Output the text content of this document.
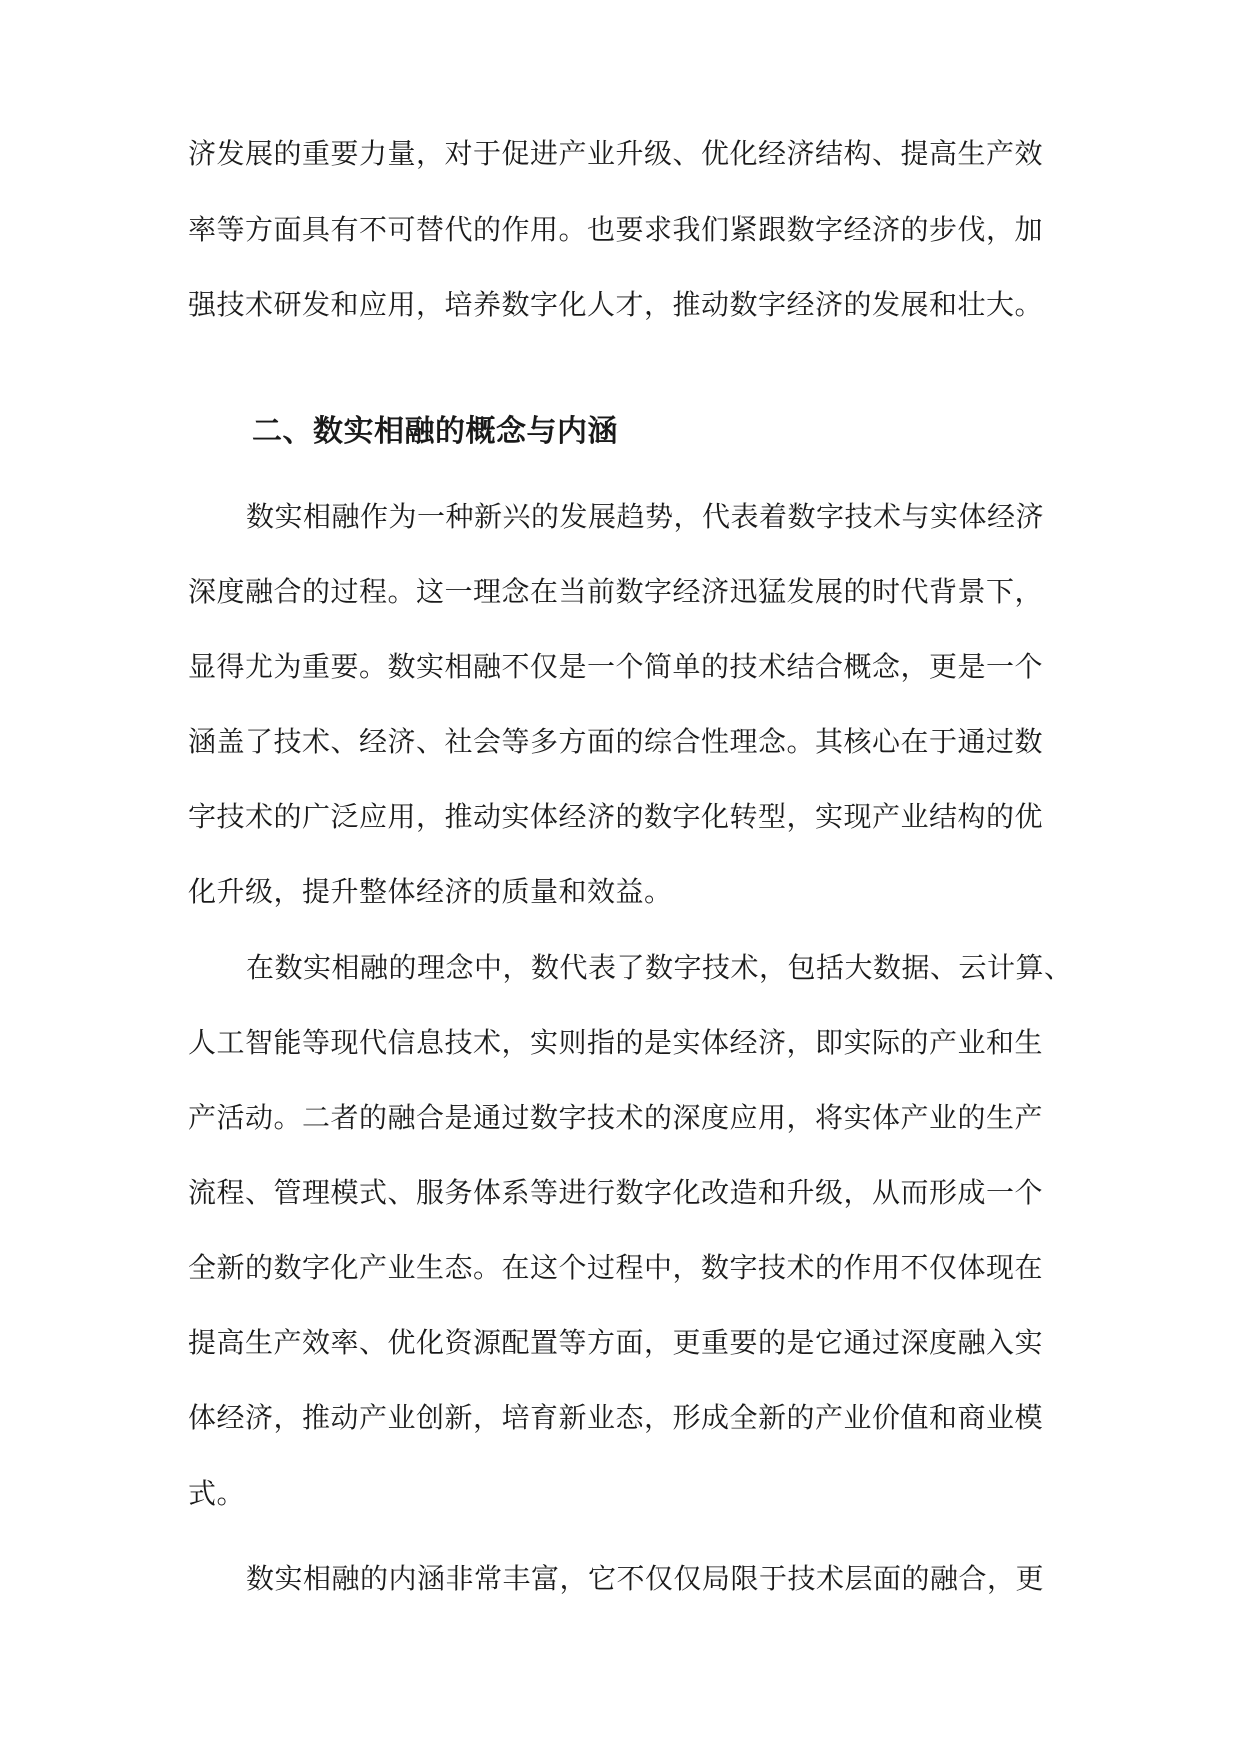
济发展的重要力量，对于促进产业升级、优化经济结构、提高生产效
率等方面具有不可替代的作用。也要求我们紧跟数字经济的步伐，加
强技术研发和应用，培养数字化人才，推动数字经济的发展和壮大。
二、数实相融的概念与内涵
数实相融作为一种新兴的发展趋势，代表着数字技术与实体经济
深度融合的过程。这一理念在当前数字经济迅猛发展的时代背景下，
显得尤为重要。数实相融不仅是一个简单的技术结合概念，更是一个
涵盖了技术、经济、社会等多方面的综合性理念。其核心在于通过数
字技术的广泛应用，推动实体经济的数字化转型，实现产业结构的优
化升级，提升整体经济的质量和效益。
在数实相融的理念中，数代表了数字技术，包括大数据、云计算、
人工智能等现代信息技术，实则指的是实体经济，即实际的产业和生
产活动。二者的融合是通过数字技术的深度应用，将实体产业的生产
流程、管理模式、服务体系等进行数字化改造和升级，从而形成一个
全新的数字化产业生态。在这个过程中，数字技术的作用不仅体现在
提高生产效率、优化资源配置等方面，更重要的是它通过深度融入实
体经济，推动产业创新，培育新业态，形成全新的产业价值和商业模
式。
数实相融的内涵非常丰富，它不仅仅局限于技术层面的融合，更
